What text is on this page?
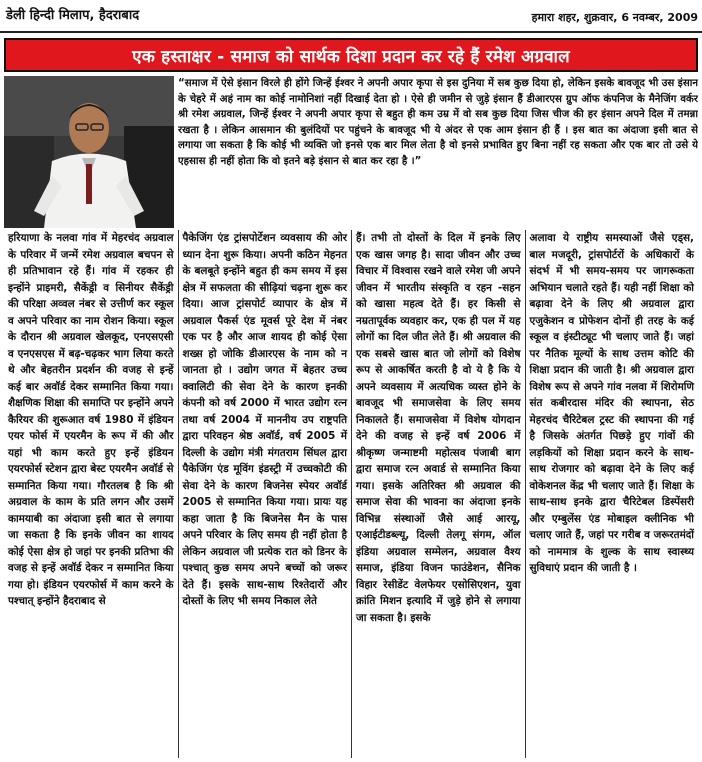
डेली हिन्दी मिलाप, हैदराबाद	हमारा शहर, शुक्रवार, 6 नवम्बर, 2009
एक हस्ताक्षर - समाज को सार्थक दिशा प्रदान कर रहे हैं रमेश अग्रवाल
“समाज में ऐसे इंसान विरले ही होंगे जिन्हें ईश्वर ने अपनी अपार कृपा से इस दुनिया में सब कुछ दिया हो, लेकिन इसके बावजूद भी उस इंसान के चेहरे में अहं नाम का कोई नामोनिशां नहीं दिखाई देता हो । ऐसे ही जमीन से जुड़े इंसान हैं डीआरएस ग्रुप ऑफ कंपनिज के मैनेजिंग वर्कर श्री रमेश अग्रवाल, जिन्हें ईश्वर ने अपनी अपार कृपा से बहुत ही कम उम्र में वो सब कुछ दिया जिस चीज की हर इंसान अपने दिल में तमन्ना रखता है । लेकिन आसमान की बुलंदियों पर पहुंचने के बावजूद भी ये अंदर से एक आम इंसान ही हैं । इस बात का अंदाजा इसी बात से लगाया जा सकता है कि कोई भी व्यक्ति जो इनसे एक बार मिल लेता है वो इनसे प्रभावित हुए बिना नहीं रह सकता और एक बार तो उसे ये एहसास ही नहीं होता कि वो इतने बड़े इंसान से बात कर रहा है ।”
हरियाणा के नलवा गांव में मेहरचंद अग्रवाल के परिवार में जन्में रमेश अग्रवाल बचपन से ही प्रतिभावान रहे हैं। गांव में रहकर ही इन्होंने प्राइमरी, सैकेंड्री व सिनीयर सैकेंड्री की परिक्षा अव्वल नंबर से उत्तीर्ण कर स्कूल व अपने परिवार का नाम रोशन किया। स्कूल के दौरान श्री अग्रवाल खेलकूद, एनएसएसी व एनएसएस में बढ़-चढ़कर भाग लिया करते थे और बेहतरीन प्रदर्शन की वजह से इन्हें कई बार अवॉर्ड देकर सम्मानित किया गया। शैक्षणिक शिक्षा की समाप्ति पर इन्होंने अपने कैरियर की शुरूआत वर्ष 1980 में इंडियन एयर फोर्स में एयरमैन के रूप में की और यहां भी काम करते हुए इन्हें इंडियन एयरफोर्स स्टेशन द्वारा बेस्ट एयरमैन अवॉर्ड से सम्मानित किया गया। गौरतलब है कि श्री अग्रवाल के काम के प्रति लगन और उसमें कामयाबी का अंदाजा इसी बात से लगाया जा सकता है कि इनके जीवन का शायद कोई ऐसा क्षेत्र हो जहां पर इनकी प्रतिभा की वजह से इन्हें अवॉर्ड देकर न सम्मानित किया गया हो। इंडियन एयरफोर्स में काम करने के पश्चात् इन्होंने हैदराबाद से
पैकेजिंग एंड ट्रांसपोर्टेशन व्यवसाय की ओर ध्यान देना शुरू किया। अपनी कठिन मेहनत के बलबूते इन्होंने बहुत ही कम समय में इस क्षेत्र में सफलता की सीढ़ियां चढ़ना शुरू कर दिया। आज ट्रांसपोर्ट व्यापार के क्षेत्र में अग्रवाल पैकर्स एंड मूवर्स पूरे देश में नंबर एक पर है और आज शायद ही कोई ऐसा शख्स हो जोकि डीआरएस के नाम को न जानता हो । उद्योग जगत में बेहतर उच्च क्वालिटी की सेवा देने के कारण इनकी कंपनी को वर्ष 2000 में भारत उद्योग रत्न तथा वर्ष 2004 में माननीय उप राष्ट्रपति द्वारा परिवहन श्रेष्ठ अवॉर्ड, वर्ष 2005 में दिल्ली के उद्योग मंत्री मंगतराम सिंघल द्वारा पैकेजिंग एंड मूविंग इंडस्ट्री में उच्चकोटी की सेवा देने के कारण बिजनेस स्पेयर अवॉर्ड 2005 से सम्मानित किया गया। प्रायः यह कहा जाता है कि बिजनेस मैन के पास अपने परिवार के लिए समय ही नहीं होता है लेकिन अग्रवाल जी प्रत्येक रात को डिनर के पश्चात् कुछ समय अपने बच्चों को जरूर देते हैं। इसके साथ-साथ रिश्तेदारों और दोस्तों के लिए भी समय निकाल लेते
हैं। तभी तो दोस्तों के दिल में इनके लिए एक खास जगह है। सादा जीवन और उच्च विचार में विश्वास रखने वाले रमेश जी अपने जीवन में भारतीय संस्कृति व रहन -सहन को खासा महत्व देते हैं। हर किसी से नम्रतापूर्वक व्यवहार कर, एक ही पल में यह लोगों का दिल जीत लेते हैं। श्री अग्रवाल की एक सबसे खास बात जो लोगों को विशेष रूप से आकर्षित करती है वो ये है कि ये अपने व्यवसाय में अत्यधिक व्यस्त होने के बावजूद भी समाजसेवा के लिए समय निकालते हैं। समाजसेवा में विशेष योगदान देने की वजह से इन्हें वर्ष 2006 में श्रीकृष्ण जन्माष्टमी महोत्सव पंजाबी बाग द्वारा समाज रत्न अवार्ड से सम्मानित किया गया। इसके अतिरिक्त श्री अग्रवाल की समाज सेवा की भावना का अंदाजा इनके विभिन्न संस्थाओं जैसे आई आरयू, एआईटीडब्ल्यू, दिल्ली तेलगू संगम, ऑल इंडिया अग्रवाल सम्मेलन, अग्रवाल वैश्य समाज, इंडिया विजन फाउंडेशन, सैनिक विहार रेसीडेंट वेलफेयर एसोसिएशन, युवा क्रांति मिशन इत्यादि में जुड़े होने से लगाया जा सकता है। इसके
अलावा ये राष्ट्रीय समस्याओं जैसे एड्स, बाल मजदूरी, ट्रांसपोर्टरों के अधिकारों के संदर्भ में भी समय-समय पर जागरूकता अभियान चलाते रहते हैं। यही नहीं शिक्षा को बढ़ावा देने के लिए श्री अग्रवाल द्वारा एजुकेशन व प्रोफेशन दोनों ही तरह के कई स्कूल व इंस्टीट्यूट भी चलाए जाते हैं। जहां पर नैतिक मूल्यों के साथ उत्तम कोटि की शिक्षा प्रदान की जाती है। श्री अग्रवाल द्वारा विशेष रूप से अपने गांव नलवा में शिरोमणि संत कबीरदास मंदिर की स्थापना, सेठ मेहरचंद चैरिटेबल ट्रस्ट की स्थापना की गई है जिसके अंतर्गत पिछड़े हुए गांवों की लड़कियों को शिक्षा प्रदान करने के साथ-साथ रोजगार को बढ़ावा देने के लिए कई वोकेशनल केंद्र भी चलाए जाते हैं। शिक्षा के साथ-साथ इनके द्वारा चैरिटेबल डिस्पेंसरी और एम्बुलेंस एंड मोबाइल क्लीनिक भी चलाए जाते हैं, जहां पर गरीब व जरूरतमंदों को नाममात्र के शुल्क के साथ स्वास्थ्य सुविधाएं प्रदान की जाती है ।
